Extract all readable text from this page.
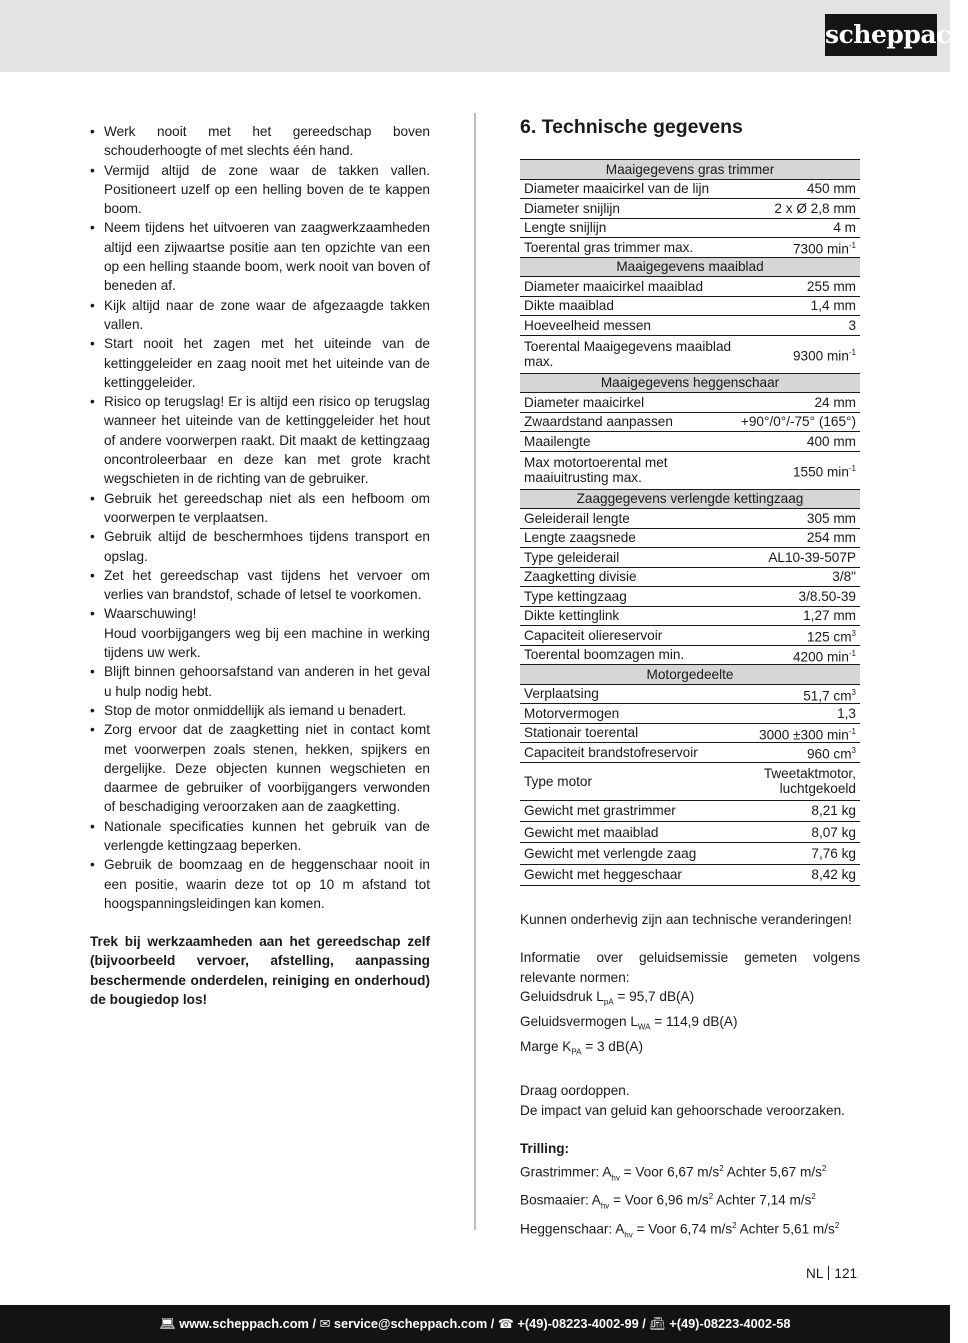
scheppach
• Werk nooit met het gereedschap boven schouderhoogte of met slechts één hand.
• Vermijd altijd de zone waar de takken vallen. Positioneert uzelf op een helling boven de te kappen boom.
• Neem tijdens het uitvoeren van zaagwerkzaamheden altijd een zijwaartse positie aan ten opzichte van een op een helling staande boom, werk nooit van boven of beneden af.
• Kijk altijd naar de zone waar de afgezaagde takken vallen.
• Start nooit het zagen met het uiteinde van de kettinggeleider en zaag nooit met het uiteinde van de kettinggeleider.
• Risico op terugslag! Er is altijd een risico op terugslag wanneer het uiteinde van de kettinggeleider het hout of andere voorwerpen raakt. Dit maakt de kettingzaag oncontroleerbaar en deze kan met grote kracht wegschieten in de richting van de gebruiker.
• Gebruik het gereedschap niet als een hefboom om voorwerpen te verplaatsen.
• Gebruik altijd de beschermhoes tijdens transport en opslag.
• Zet het gereedschap vast tijdens het vervoer om verlies van brandstof, schade of letsel te voorkomen.
• Waarschuwing!
Houd voorbijgangers weg bij een machine in werking tijdens uw werk.
• Blijft binnen gehoorsafstand van anderen in het geval u hulp nodig hebt.
• Stop de motor onmiddellijk als iemand u benadert.
• Zorg ervoor dat de zaagketting niet in contact komt met voorwerpen zoals stenen, hekken, spijkers en dergelijke. Deze objecten kunnen wegschieten en daarmee de gebruiker of voorbijgangers verwonden of beschadiging veroorzaken aan de zaagketting.
• Nationale specificaties kunnen het gebruik van de verlengde kettingzaag beperken.
• Gebruik de boomzaag en de heggenschaar nooit in een positie, waarin deze tot op 10 m afstand tot hoogspanningsleidingen kan komen.

Trek bij werkzaamheden aan het gereedschap zelf (bijvoorbeeld vervoer, afstelling, aanpassing beschermende onderdelen, reiniging en onderhoud) de bougiedop los!

6. Technische gegevens
Maaigegevens gras trimmer	
Diameter maaicirkel van de lijn	450 mm
Diameter snijlijn	2 x Ø 2,8 mm
Lengte snijlijn	4 m
Toerental gras trimmer max.	7300 $\min^{-1}$
Maaigegevens maaiblad	
Diameter maaicirkel maaiblad	255 mm
Dikte maaiblad	1,4 mm
Hoeveelheid messen	3
Toerental Maaigegevens maaiblad max.	9300 $\min^{-1}$
Maaigegevens heggenschaar	
Diameter maaicirkel	24 mm
Zwaardstand aanpassen	+90°/0°/-75° (165°)
Maailengte	400 mm
Max motortoerental met maaiuitrusting max.	1550 $\min^{-1}$
Zaaggegevens verlengde kettingzaag	
Geleiderail lengte	305 mm
Lengte zaagsnede	254 mm
Type geleiderail	AL10-39-507P
Zaagketting divisie	3/8"
Type kettingzaag	3/8.50-39
Dikte kettinglink	1,27 mm
Capaciteit oliereservoir	125 $cm^3$
Toerental boomzagen min.	4200 $\min^{-1}$
Motorgedeelte	
Verplaatsing	51,7 $cm^3$
Motorvermogen	1,3
Stationair toerental	3000 ±300 $\min^{-1}$
Capaciteit brandstofreservoir	960 $cm^3$
Type motor	Tweetaktmotor,
luchtgekoeld
Gewicht met grastrimmer	8,21 kg
Gewicht met maaiblad	8,07 kg
Gewicht met verlengde zaag	7,76 kg
Gewicht met heggeschaar	8,42 kg

Kunnen onderhevig zijn aan technische veranderingen!

Informatie over geluidsemissie gemeten volgens relevante normen:

Geluidsdruk $L_{pA} = 95,7$ dB(A)

Geluidsvermogen $L_{WA} = 114,9$ dB(A)

Marge $K_{PA} = 3$ dB(A)

Draag oordoppen.

De impact van geluid kan gehoorschade veroorzaken.

Trilling:

Grastrimmer: $A_{hv}$ = Voor 6,67 $m/s^2$ Achter 5,67 $m/s^2$

Bosmaaier: $A_{hv}$ = Voor 6,96 $m/s^2$ Achter 7,14 $m/s^2$

Heggenschaar: $A_{hv}$ = Voor 6,74 $m/s^2$ Achter 5,61 $m/s^2$

NL 121
💻︎ www.scheppach.com / ✉︎ service@scheppach.com / ☎︎ +(49)-08223-4002-99 / 📠︎ +(49)-08223-4002-58
